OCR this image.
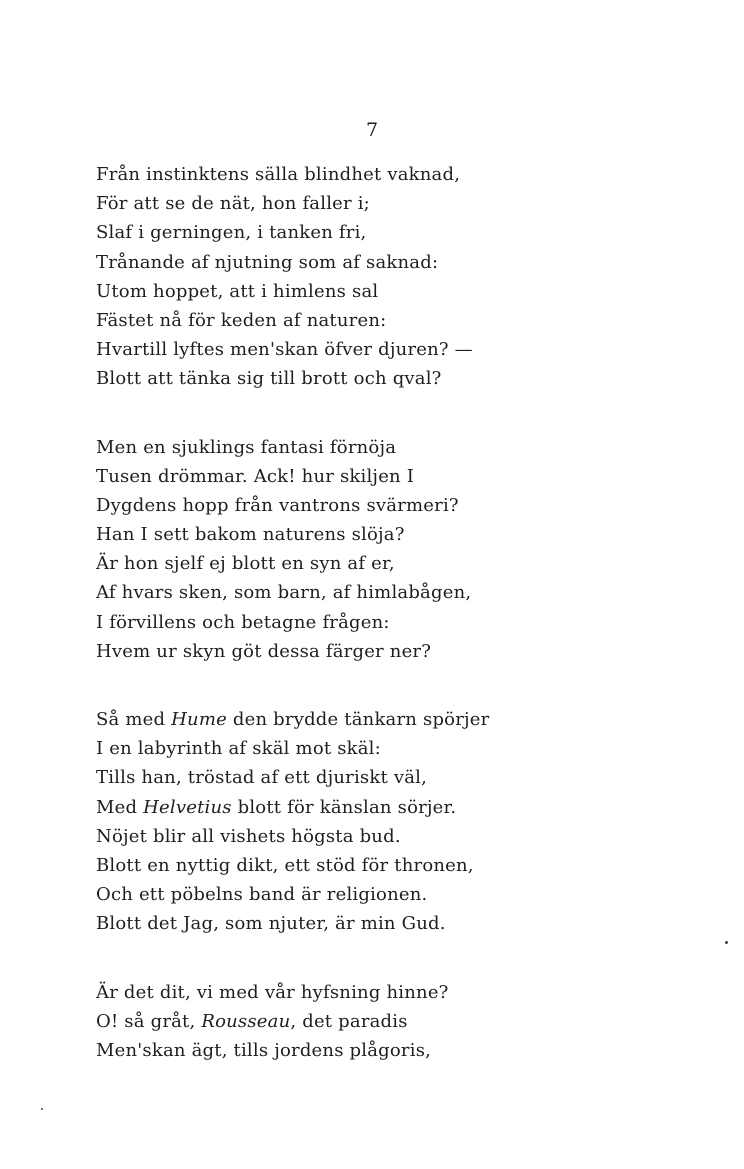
7
Från instinktens sälla blindhet vaknad,
För att se de nät, hon faller i;
Slaf i gerningen, i tanken fri,
Trånande af njutning som af saknad:
Utom hoppet, att i himlens sal
Fästet nå för keden af naturen:
Hvartill lyftes men'skan öfver djuren? —
Blott att tänka sig till brott och qval?
Men en sjuklings fantasi förnöja
Tusen drömmar. Ack! hur skiljen I
Dygdens hopp från vantrons svärmeri?
Han I sett bakom naturens slöja?
Är hon sjelf ej blott en syn af er,
Af hvars sken, som barn, af himlabågen,
I förvillens och betagne frågen:
Hvem ur skyn göt dessa färger ner?
Så med Hume den brydde tänkarn spörjer
I en labyrinth af skäl mot skäl:
Tills han, tröstad af ett djuriskt väl,
Med Helvetius blott för känslan sörjer.
Nöjet blir all vishets högsta bud.
Blott en nyttig dikt, ett stöd för thronen,
Och ett pöbelns band är religionen.
Blott det Jag, som njuter, är min Gud.
Är det dit, vi med vår hyfsning hinne?
O! så gråt, Rousseau, det paradis
Men'skan ägt, tills jordens plågoris,
